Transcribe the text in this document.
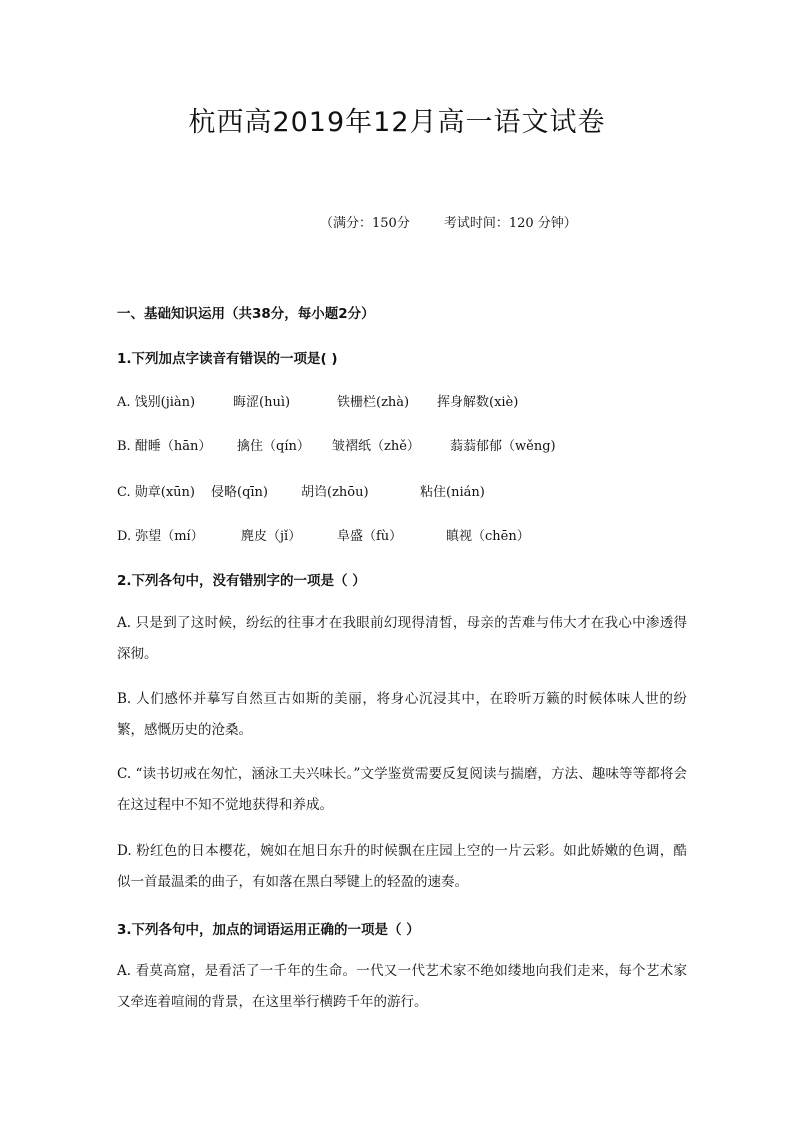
杭西高2019年12月高一语文试卷
（满分：150分	考试时间：120 分钟）
一、基础知识运用（共38分，每小题2分）
1.下列加点字读音有错误的一项是( )
A. 饯别(jiàn)	晦涩(huì)	铁栅栏(zhà) 挥身解数(xiè)
B. 酣睡（hān） 擒住（qín） 皱褶纸（zhě） 蓊蓊郁郁（wěng)
C. 勋章(xūn) 侵略(qīn)	胡诌(zhōu)	粘住(nián)
D. 弥望（mí）	麂皮（jǐ）	阜盛（fù）	瞋视（chēn）
2.下列各句中，没有错别字的一项是（ ）
A. 只是到了这时候，纷纭的往事才在我眼前幻现得清皙，母亲的苦难与伟大才在我心中渗透得深彻。
B. 人们感怀并摹写自然亘古如斯的美丽，将身心沉浸其中，在聆听万籁的时候体味人世的纷繁，感慨历史的沧桑。
C. “读书切戒在匆忙，涵泳工夫兴味长。”文学鉴赏需要反复阅读与揣磨，方法、趣味等等都将会在这过程中不知不觉地获得和养成。
D. 粉红色的日本樱花，婉如在旭日东升的时候飘在庄园上空的一片云彩。如此娇嫩的色调，酷似一首最温柔的曲子，有如落在黑白琴键上的轻盈的速奏。
3.下列各句中，加点的词语运用正确的一项是（ ）
A. 看莫高窟，是看活了一千年的生命。一代又一代艺术家不绝如缕地向我们走来，每个艺术家又牵连着喧闹的背景，在这里举行横跨千年的游行。
